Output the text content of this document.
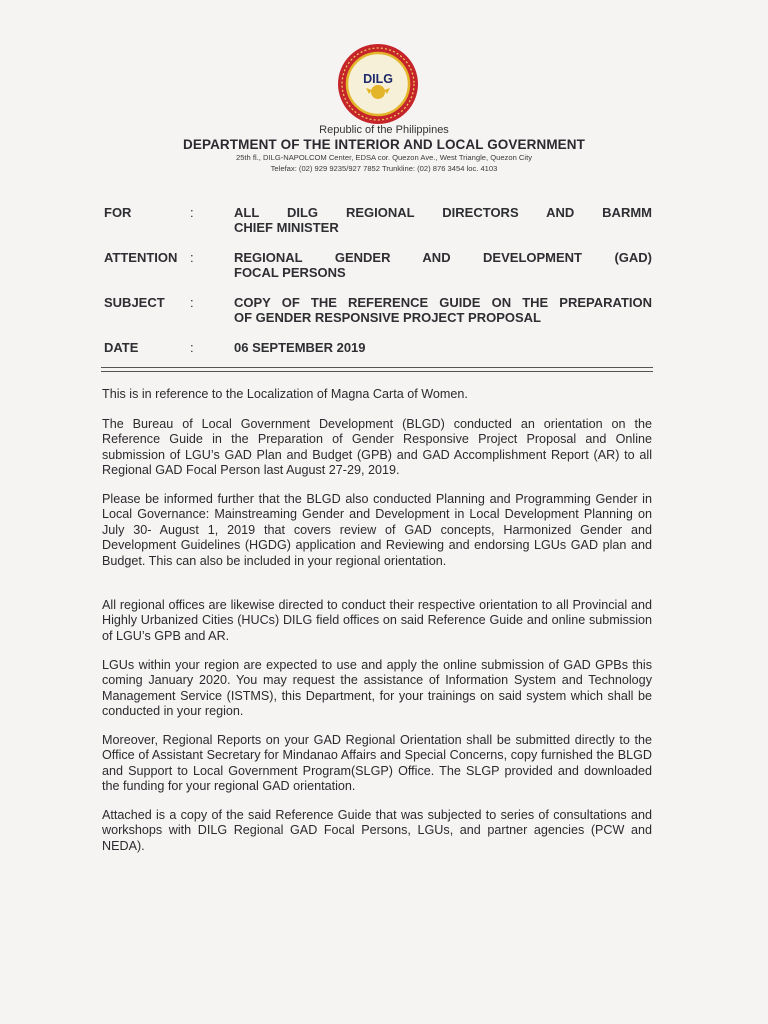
DILG
Republic of the Philippines
DEPARTMENT OF THE INTERIOR AND LOCAL GOVERNMENT
25th fl., DILG-NAPOLCOM Center, EDSA cor. Quezon Ave., West Triangle, Quezon City
Telefax: (02) 929 9235/927 7852 Trunkline: (02) 876 3454 loc. 4103
FOR	:	ALL DILG REGIONAL DIRECTORS AND BARMM
CHIEF MINISTER
ATTENTION :	REGIONAL GENDER AND DEVELOPMENT (GAD)
FOCAL PERSONS
SUBJECT :	COPY OF THE REFERENCE GUIDE ON THE PREPARATION
OF GENDER RESPONSIVE PROJECT PROPOSAL
DATE	:	06 SEPTEMBER 2019
This is in reference to the Localization of Magna Carta of Women.
The Bureau of Local Government Development (BLGD) conducted an orientation on the Reference Guide in the Preparation of Gender Responsive Project Proposal and Online submission of LGU’s GAD Plan and Budget (GPB) and GAD Accomplishment Report (AR) to all Regional GAD Focal Person last August 27-29, 2019.
Please be informed further that the BLGD also conducted Planning and Programming Gender in Local Governance: Mainstreaming Gender and Development in Local Development Planning on July 30- August 1, 2019 that covers review of GAD concepts, Harmonized Gender and Development Guidelines (HGDG) application and Reviewing and endorsing LGUs GAD plan and Budget. This can also be included in your regional orientation.
All regional offices are likewise directed to conduct their respective orientation to all Provincial and Highly Urbanized Cities (HUCs) DILG field offices on said Reference Guide and online submission of LGU’s GPB and AR.
LGUs within your region are expected to use and apply the online submission of GAD GPBs this coming January 2020. You may request the assistance of Information System and Technology Management Service (ISTMS), this Department, for your trainings on said system which shall be conducted in your region.
Moreover, Regional Reports on your GAD Regional Orientation shall be submitted directly to the Office of Assistant Secretary for Mindanao Affairs and Special Concerns, copy furnished the BLGD and Support to Local Government Program(SLGP) Office. The SLGP provided and downloaded the funding for your regional GAD orientation.
Attached is a copy of the said Reference Guide that was subjected to series of consultations and workshops with DILG Regional GAD Focal Persons, LGUs, and partner agencies (PCW and NEDA).
